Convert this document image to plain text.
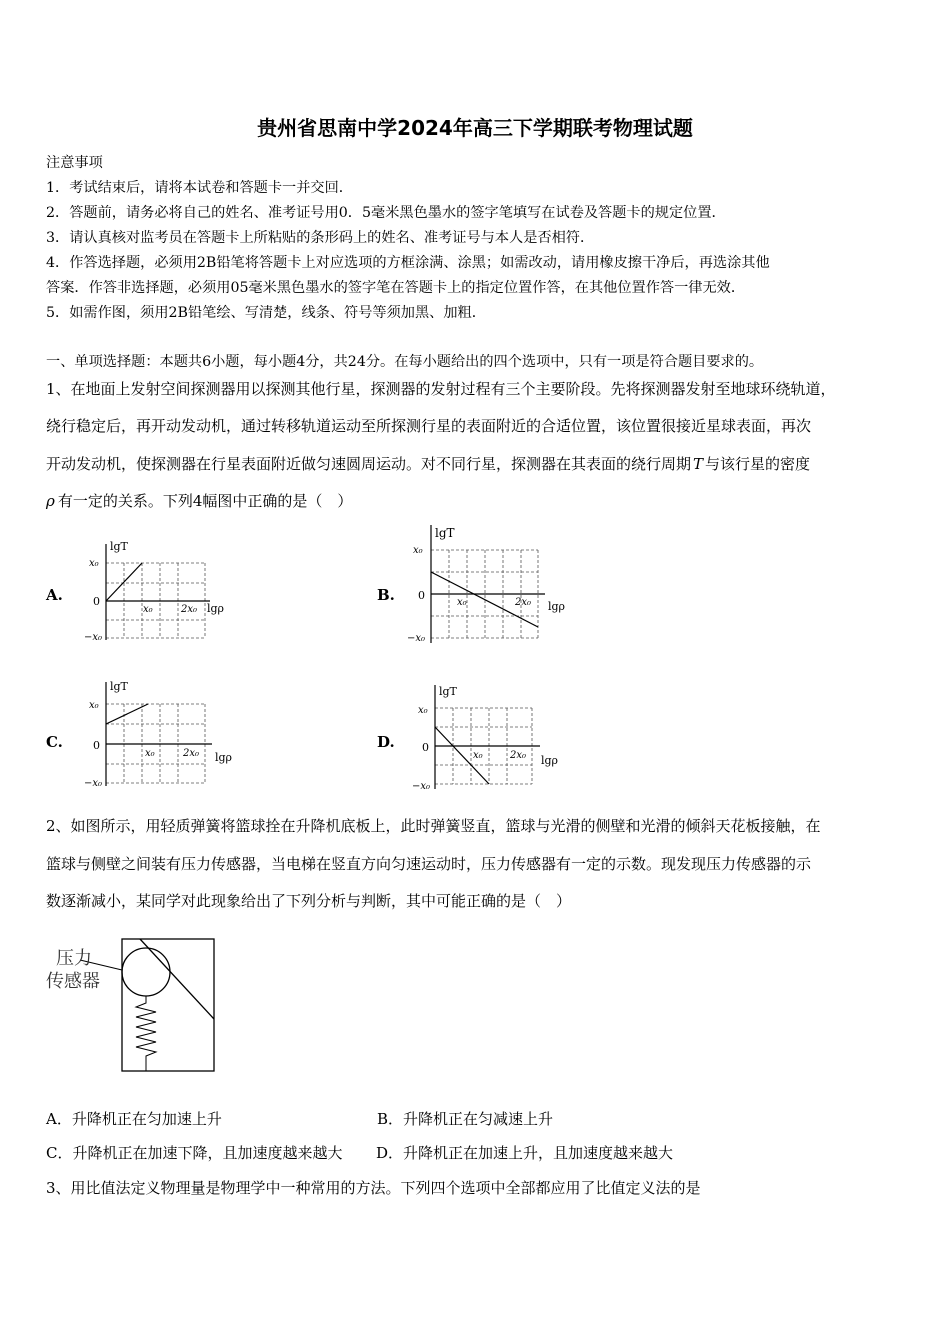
贵州省思南中学2024年高三下学期联考物理试题
注意事项
1．考试结束后，请将本试卷和答题卡一并交回．
2．答题前，请务必将自己的姓名、准考证号用0．5毫米黑色墨水的签字笔填写在试卷及答题卡的规定位置．
3．请认真核对监考员在答题卡上所粘贴的条形码上的姓名、准考证号与本人是否相符．
4．作答选择题，必须用2B铅笔将答题卡上对应选项的方框涂满、涂黑；如需改动，请用橡皮擦干净后，再选涂其他
答案．作答非选择题，必须用05毫米黑色墨水的签字笔在答题卡上的指定位置作答，在其他位置作答一律无效．
5．如需作图，须用2B铅笔绘、写清楚，线条、符号等须加黑、加粗．
一、单项选择题：本题共6小题，每小题4分，共24分。在每小题给出的四个选项中，只有一项是符合题目要求的。
1、在地面上发射空间探测器用以探测其他行星，探测器的发射过程有三个主要阶段。先将探测器发射至地球环绕轨道，
绕行稳定后，再开动发动机，通过转移轨道运动至所探测行星的表面附近的合适位置，该位置很接近星球表面，再次
开动发动机，使探测器在行星表面附近做匀速圆周运动。对不同行星，探测器在其表面的绕行周期 T 与该行星的密度
ρ 有一定的关系。下列4幅图中正确的是（　）
A.	B.
C.	D.
lgT
x₀
0
−x₀
x₀	2x₀ lgρ
lgT
x₀
0
−x₀
x₀	2x₀ lgρ
lgT
x₀
0
−x₀
x₀	2x₀ lgρ
lgT
x₀
0
−x₀
x₀	2x₀ lgρ
2、如图所示，用轻质弹簧将篮球拴在升降机底板上，此时弹簧竖直，篮球与光滑的侧壁和光滑的倾斜天花板接触，在
篮球与侧壁之间装有压力传感器，当电梯在竖直方向匀速运动时，压力传感器有一定的示数。现发现压力传感器的示
数逐渐减小，某同学对此现象给出了下列分析与判断，其中可能正确的是（　）
压力
传感器
A．升降机正在匀加速上升	B．升降机正在匀减速上升
C．升降机正在加速下降，且加速度越来越大 D．升降机正在加速上升，且加速度越来越大
3、用比值法定义物理量是物理学中一种常用的方法。下列四个选项中全部都应用了比值定义法的是
